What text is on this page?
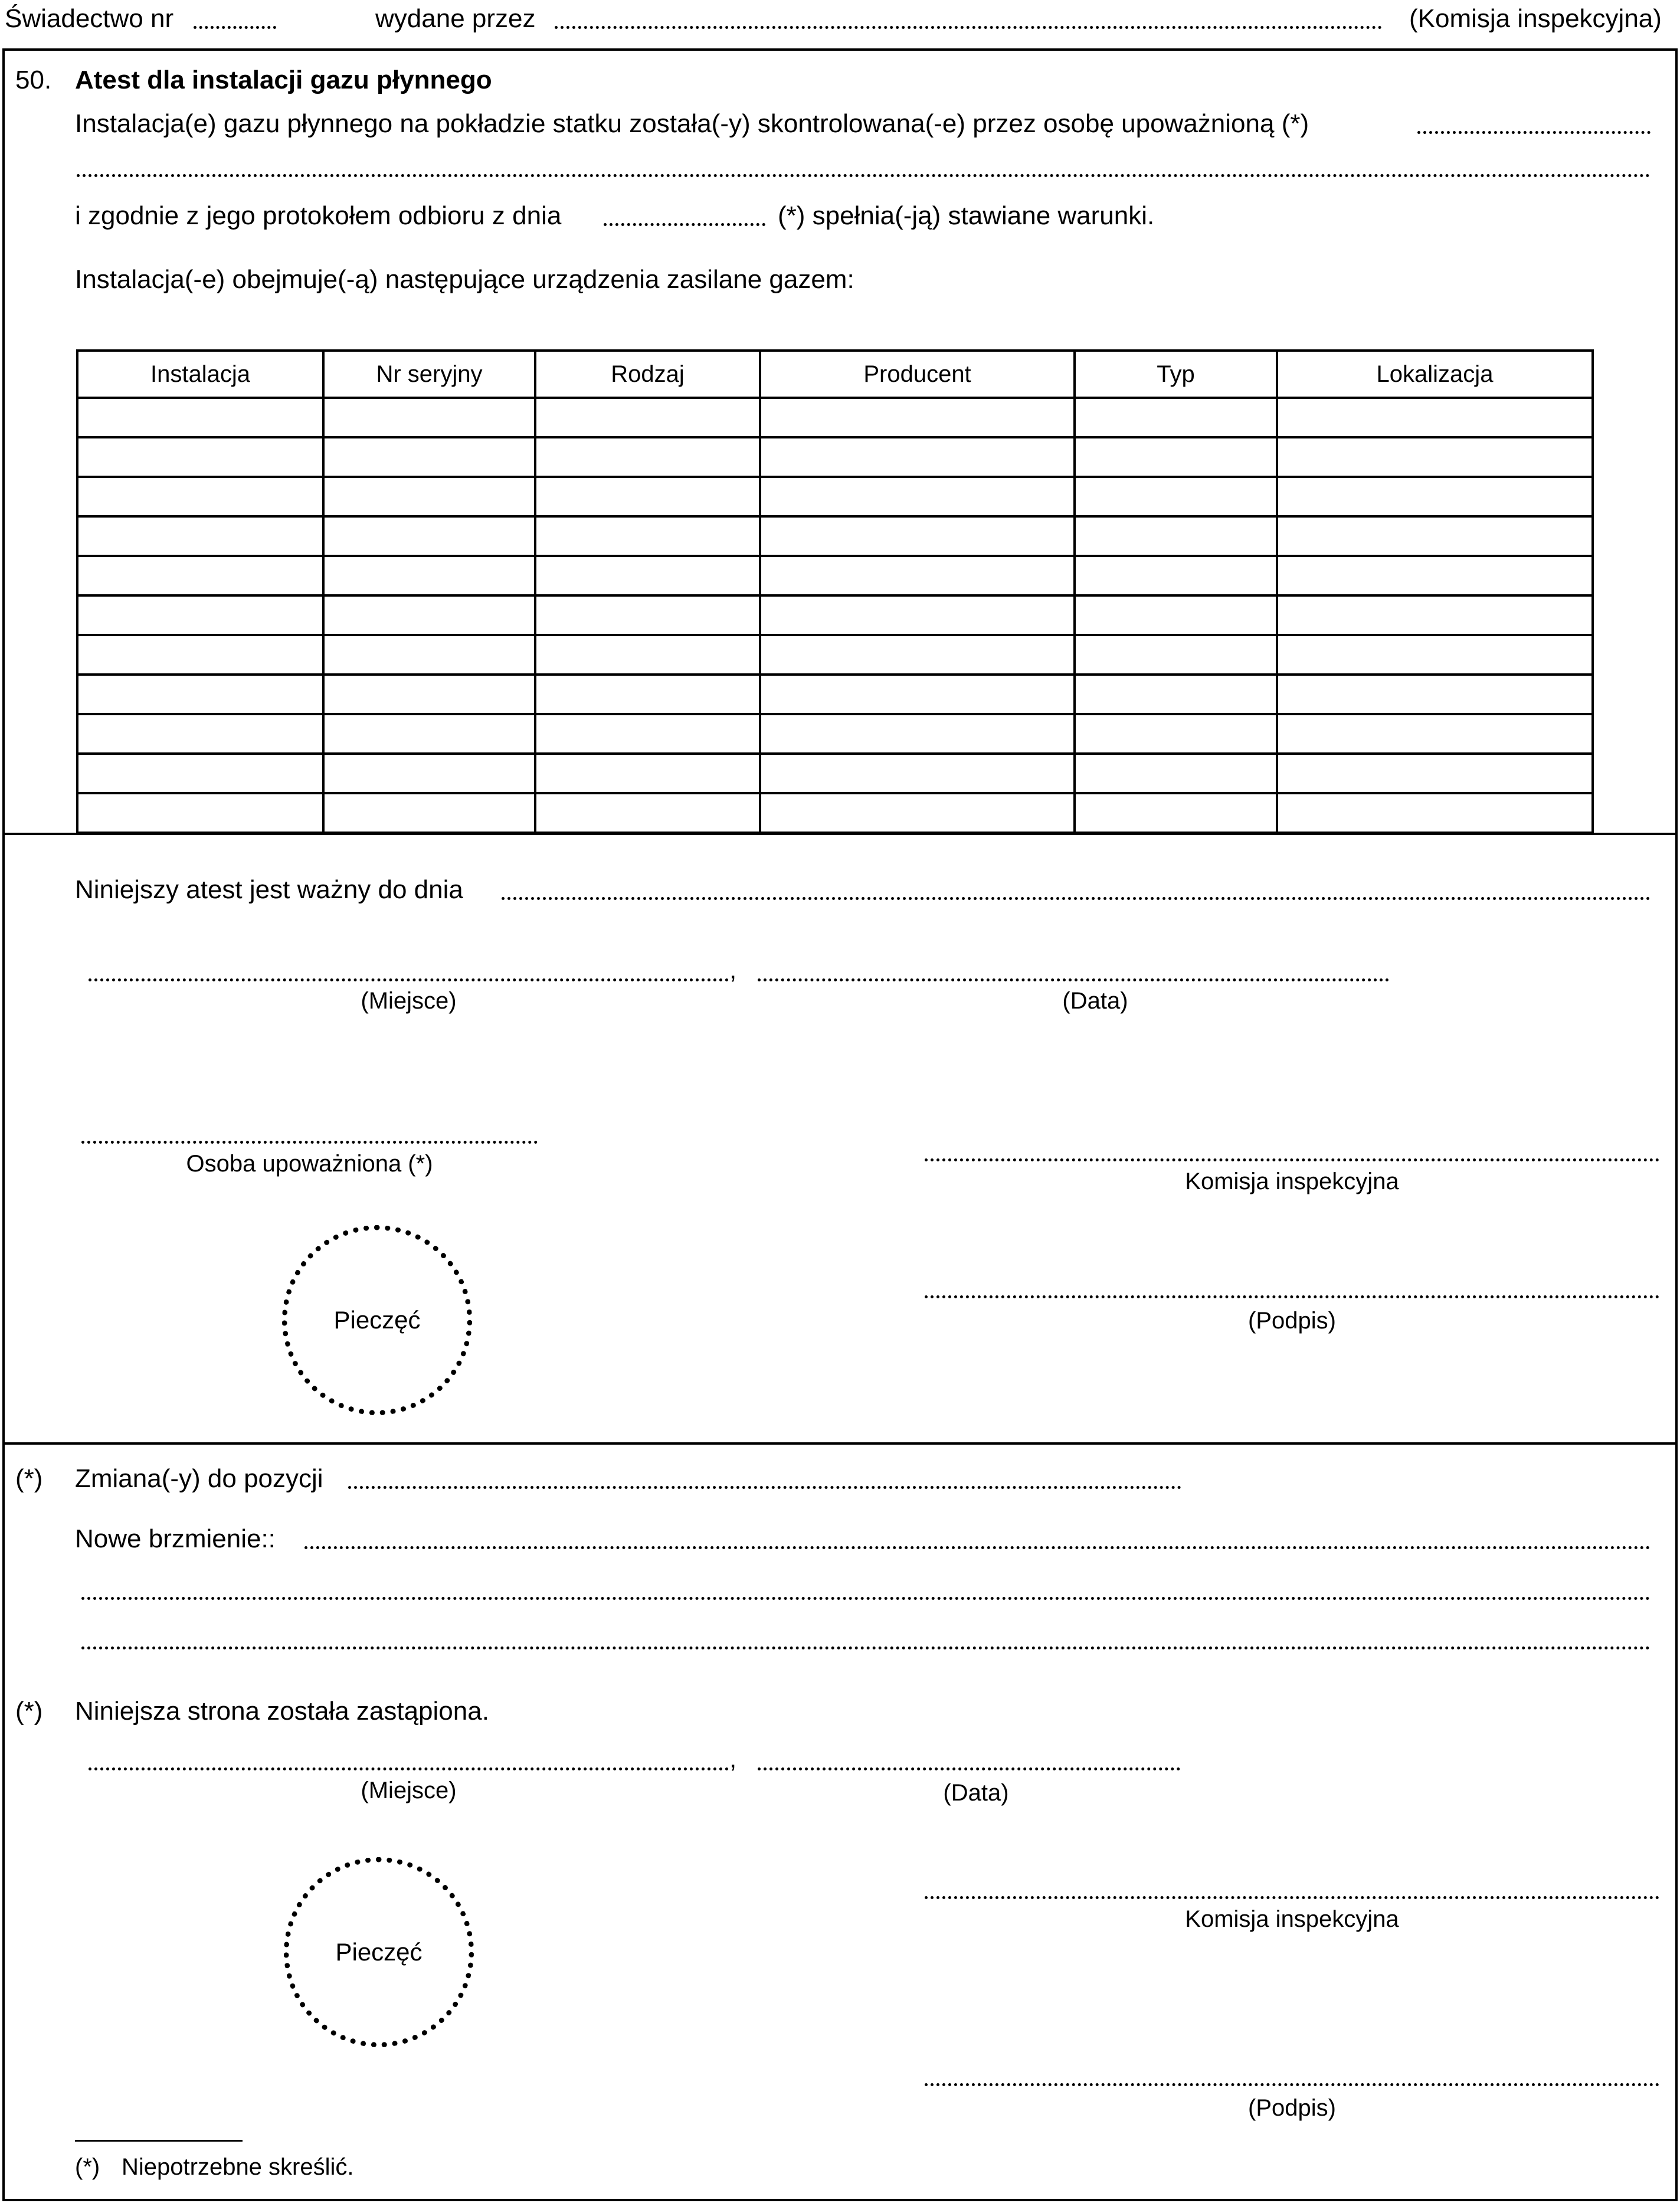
Świadectwo nr	wydane przez	(Komisja inspekcyjna)
50. Atest dla instalacji gazu płynnego
Instalacja(e) gazu płynnego na pokładzie statku została(-y) skontrolowana(-e) przez osobę upoważnioną (*)
i zgodnie z jego protokołem odbioru z dnia	(*) spełnia(-ją) stawiane warunki.
Instalacja(-e) obejmuje(-ą) następujące urządzenia zasilane gazem:
Instalacja	Nr seryjny	Rodzaj	Producent	Typ	Lokalizacja

Niniejszy atest jest ważny do dnia
,
(Miejsce)	(Data)
Osoba upoważniona (*)
Komisja inspekcyjna
Pieczęć	(Podpis)
(*) Zmiana(-y) do pozycji
Nowe brzmienie::
(*) Niniejsza strona została zastąpiona.
,
(Miejsce)	(Data)
Pieczęć
Komisja inspekcyjna
(Podpis)
(*) Niepotrzebne skreślić.
